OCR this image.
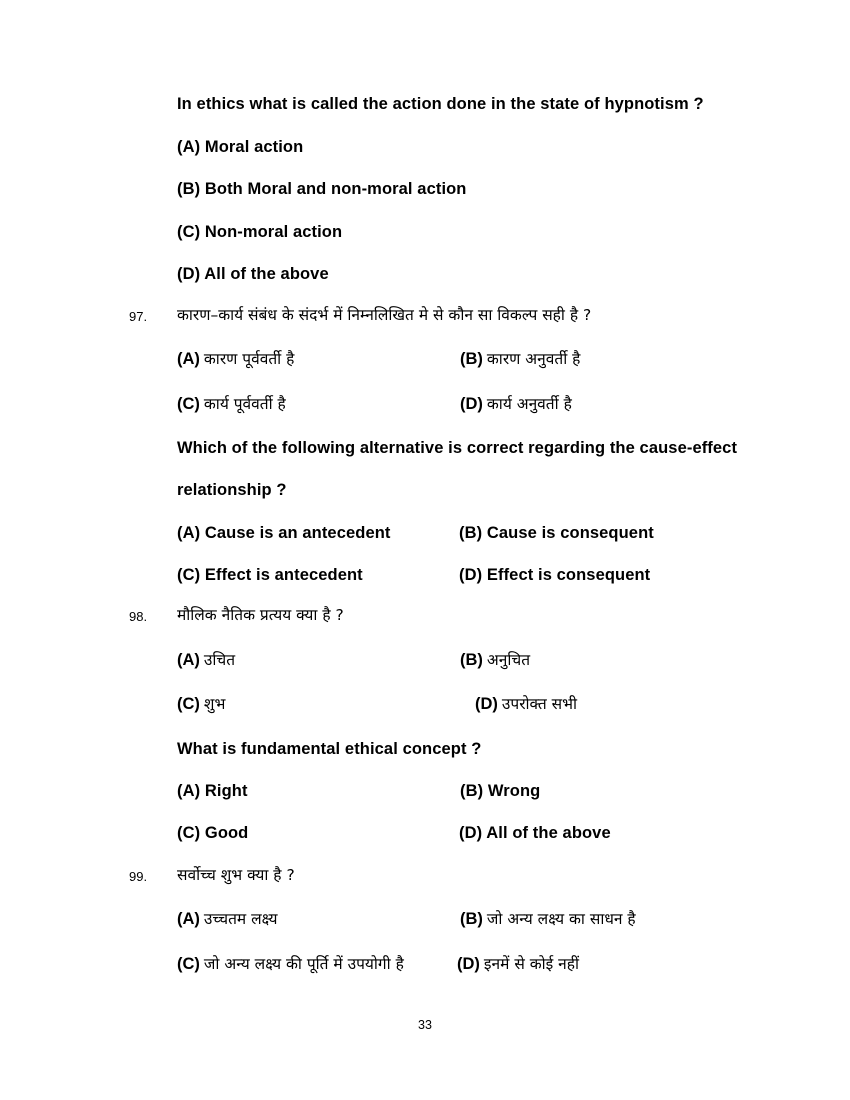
In ethics what is called the action done in the state of hypnotism ?
(A) Moral action
(B) Both Moral and non-moral action
(C) Non-moral action
(D) All of the above
97. कारण–कार्य संबंध के संदर्भ में निम्नलिखित मे से कौन सा विकल्प सही है ?
(A) कारण पूर्ववर्ती है	(B) कारण अनुवर्ती है
(C) कार्य पूर्ववर्ती है	(D) कार्य अनुवर्ती है
Which of the following alternative is correct regarding the cause-effect
relationship ?
(A) Cause is an antecedent	(B) Cause is consequent
(C) Effect is antecedent	(D) Effect is consequent
98. मौलिक नैतिक प्रत्यय क्या है ?
(A) उचित	(B) अनुचित
(C) शुभ	(D) उपरोक्त सभी
What is fundamental ethical concept ?
(A) Right	(B) Wrong
(C) Good	(D) All of the above
99. सर्वोच्च शुभ क्या है ?
(A) उच्चतम लक्ष्य	(B) जो अन्य लक्ष्य का साधन है
(C) जो अन्य लक्ष्य की पूर्ति में उपयोगी है	(D) इनमें से कोई नहीं
33
